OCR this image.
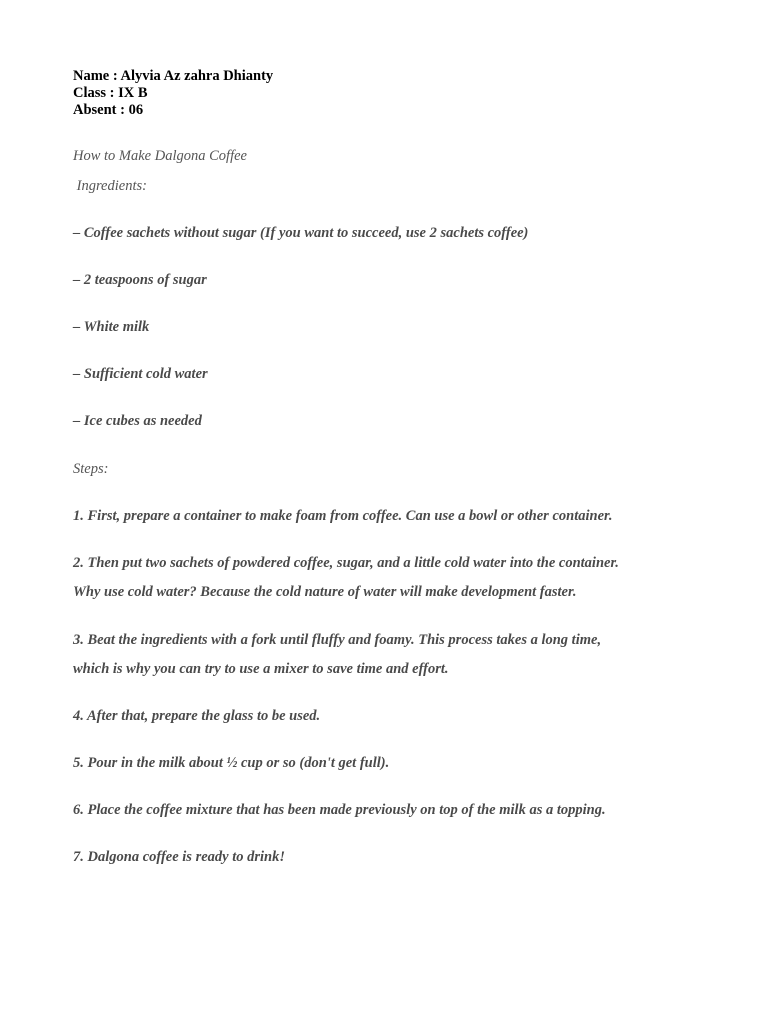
Name : Alyvia Az zahra Dhianty
Class : IX B
Absent : 06
How to Make Dalgona Coffee
Ingredients:
– Coffee sachets without sugar (If you want to succeed, use 2 sachets coffee)
– 2 teaspoons of sugar
– White milk
– Sufficient cold water
– Ice cubes as needed
Steps:
1. First, prepare a container to make foam from coffee. Can use a bowl or other container.
2. Then put two sachets of powdered coffee, sugar, and a little cold water into the container.
Why use cold water? Because the cold nature of water will make development faster.
3. Beat the ingredients with a fork until fluffy and foamy. This process takes a long time,
which is why you can try to use a mixer to save time and effort.
4. After that, prepare the glass to be used.
5. Pour in the milk about ½ cup or so (don't get full).
6. Place the coffee mixture that has been made previously on top of the milk as a topping.
7. Dalgona coffee is ready to drink!
